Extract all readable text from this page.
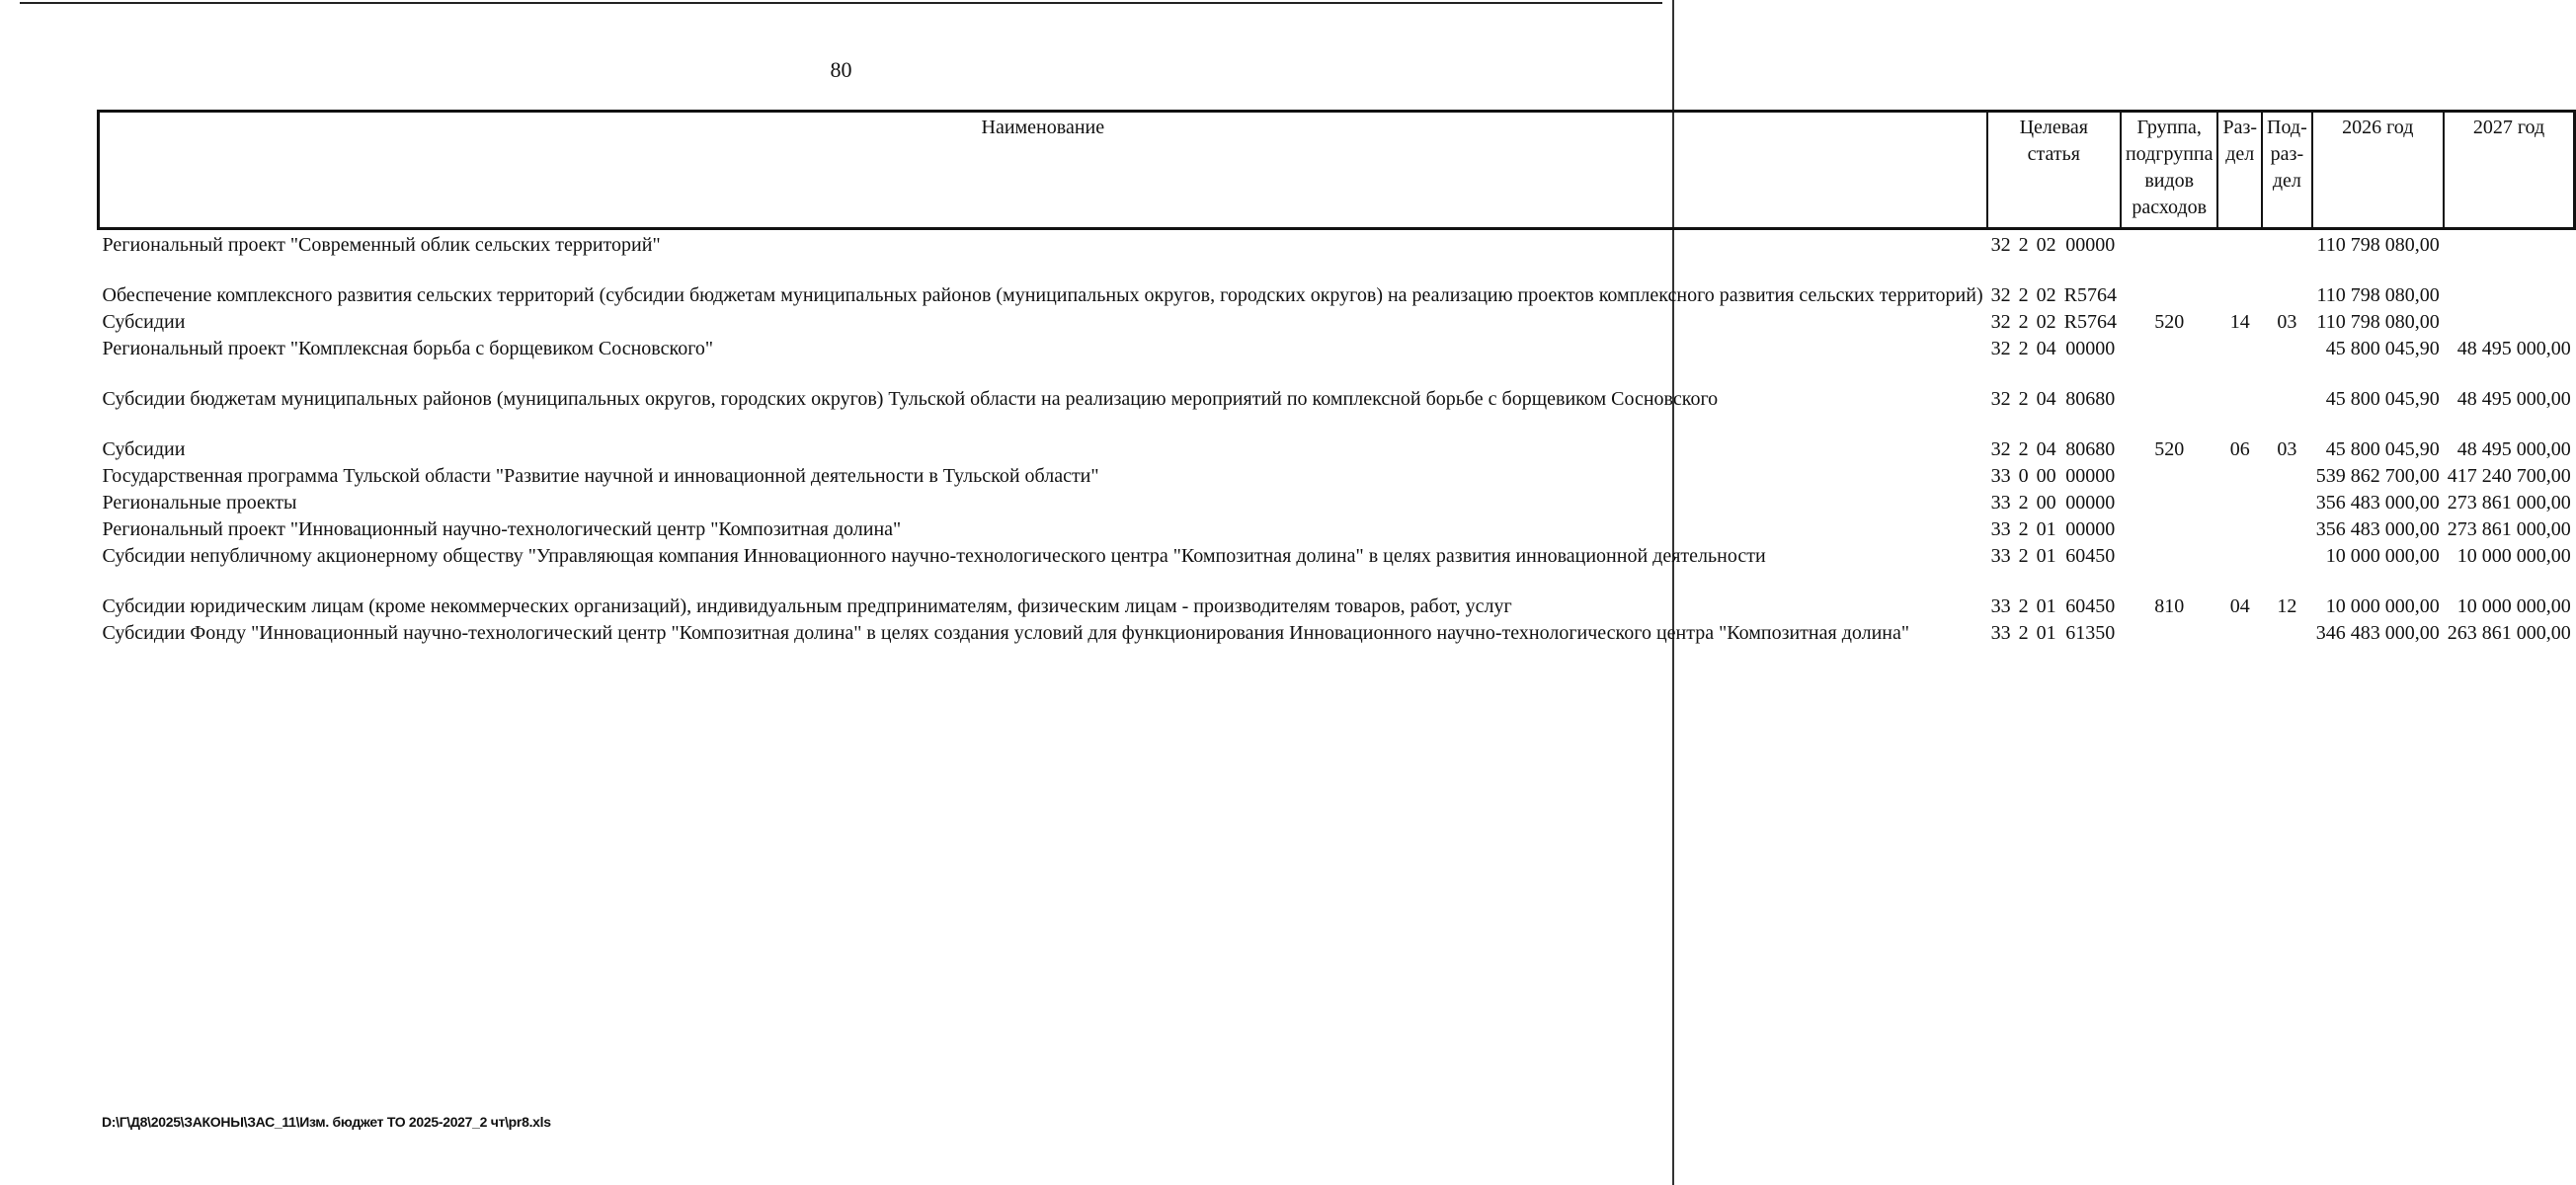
80
Наименование	Целевая статья				Группа, подгруппа видов расходов	Раз- дел	Под- раз- дел	2026 год	2027 год
Региональный проект "Современный облик сельских территорий"	32	2	02	00000				110 798 080,00	
Обеспечение комплексного развития сельских территорий (субсидии бюджетам муниципальных районов (муниципальных округов, городских округов) на реализацию проектов комплексного развития сельских территорий)	32	2	02	R5764				110 798 080,00	
Субсидии	32	2	02	R5764	520	14	03	110 798 080,00	
Региональный проект "Комплексная борьба с борщевиком Сосновского"	32	2	04	00000				45 800 045,90	48 495 000,00
Субсидии бюджетам муниципальных районов (муниципальных округов, городских округов) Тульской области на реализацию мероприятий по комплексной борьбе с борщевиком Сосновского	32	2	04	80680				45 800 045,90	48 495 000,00
Субсидии	32	2	04	80680	520	06	03	45 800 045,90	48 495 000,00
Государственная программа Тульской области "Развитие научной и инновационной деятельности в Тульской области"	33	0	00	00000				539 862 700,00	417 240 700,00
Региональные проекты	33	2	00	00000				356 483 000,00	273 861 000,00
Региональный проект "Инновационный научно-технологический центр "Композитная долина"	33	2	01	00000				356 483 000,00	273 861 000,00
Субсидии непубличному акционерному обществу "Управляющая компания Инновационного научно-технологического центра "Композитная долина" в целях развития инновационной деятельности	33	2	01	60450				10 000 000,00	10 000 000,00
Субсидии юридическим лицам (кроме некоммерческих организаций), индивидуальным предпринимателям, физическим лицам - производителям товаров, работ, услуг	33	2	01	60450	810	04	12	10 000 000,00	10 000 000,00
Субсидии Фонду "Инновационный научно-технологический центр "Композитная долина" в целях создания условий для функционирования Инновационного научно-технологического центра "Композитная долина"	33	2	01	61350				346 483 000,00	263 861 000,00
D:\Г\Д8\2025\ЗАКОНЫ\ЗАС_11\Изм. бюджет ТО 2025-2027_2 чт\pr8.xls
